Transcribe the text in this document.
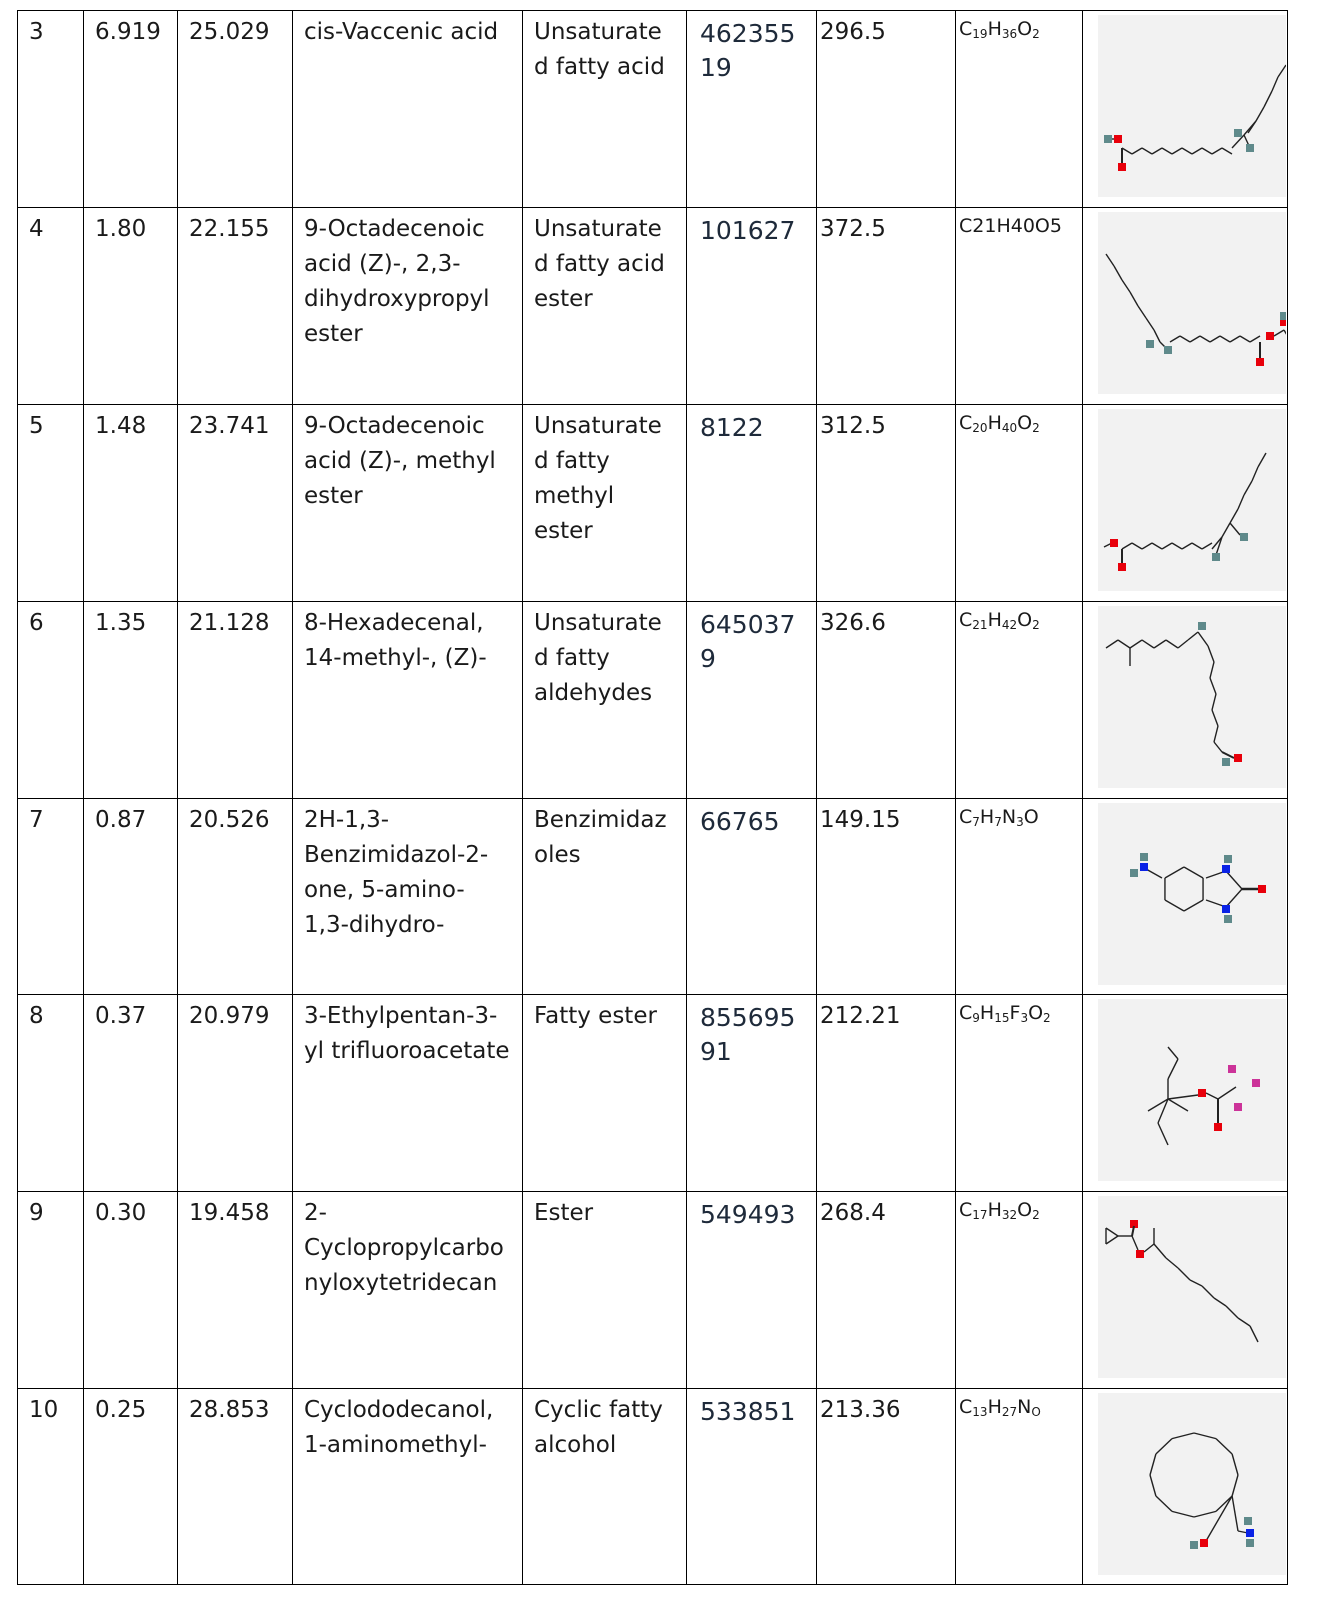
3	6.919	25.029	cis-Vaccenic acid	Unsaturate d fatty acid	46235519	296.5	C19H36O2	

4	1.80	22.155	9-Octadecenoic acid (Z)-, 2,3-dihydroxypropyl ester	Unsaturate d fatty acid ester	101627	372.5	C21H40O5	

5	1.48	23.741	9-Octadecenoic acid (Z)-, methyl ester	Unsaturate d fatty methyl ester	8122	312.5	C20H40O2	

6	1.35	21.128	8-Hexadecenal, 14-methyl-, (Z)-	Unsaturate d fatty aldehydes	6450379	326.6	C21H42O2	

7	0.87	20.526	2H-1,3-
Benzimidazol-2-
one, 5-amino-
1,3-dihydro-	Benzimidaz oles	66765	149.15	C7H7N3O	

8	0.37	20.979	3-Ethylpentan-3-yl trifluoroacetate	Fatty ester	85569591	212.21	C9H15F3O2	

9	0.30	19.458	2-
Cyclopropylcarbo
nyloxytetridecan	Ester	549493	268.4	C17H32O2	

10	0.25	28.853	Cyclododecanol, 1-aminomethyl-	Cyclic fatty alcohol	533851	213.36	C13H27NO	
